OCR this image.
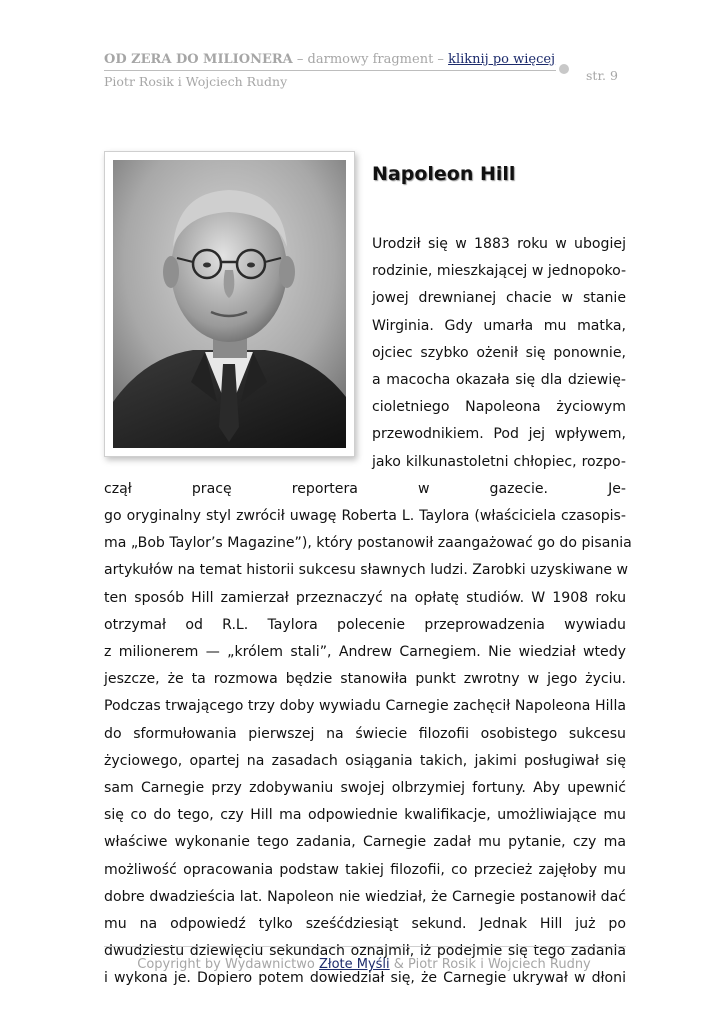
OD ZERA DO MILIONERA – darmowy fragment – kliknij po więcej
Piotr Rosik i Wojciech Rudny	str. 9
Napoleon Hill
Urodził się w 1883 roku w ubogiej
rodzinie, mieszkającej w jednopoko-
jowej drewnianej chacie w stanie
Wirginia. Gdy umarła mu matka,
ojciec szybko ożenił się ponownie,
a macocha okazała się dla dziewię-
cioletniego Napoleona życiowym
przewodnikiem. Pod jej wpływem,
jako kilkunastoletni chłopiec, rozpo-
czął pracę reportera w gazecie. Je-
go oryginalny styl zwrócił uwagę Roberta L. Taylora (właściciela czasopis-
ma „Bob Taylor’s Magazine”), który postanowił zaangażować go do pisania
artykułów na temat historii sukcesu sławnych ludzi. Zarobki uzyskiwane w
ten sposób Hill zamierzał przeznaczyć na opłatę studiów. W 1908 roku
otrzymał od R.L. Taylora polecenie przeprowadzenia wywiadu
z milionerem — „królem stali”, Andrew Carnegiem. Nie wiedział wtedy
jeszcze, że ta rozmowa będzie stanowiła punkt zwrotny w jego życiu.
Podczas trwającego trzy doby wywiadu Carnegie zachęcił Napoleona Hilla
do sformułowania pierwszej na świecie filozofii osobistego sukcesu
życiowego, opartej na zasadach osiągania takich, jakimi posługiwał się
sam Carnegie przy zdobywaniu swojej olbrzymiej fortuny. Aby upewnić
się co do tego, czy Hill ma odpowiednie kwalifikacje, umożliwiające mu
właściwe wykonanie tego zadania, Carnegie zadał mu pytanie, czy ma
możliwość opracowania podstaw takiej filozofii, co przecież zajęłoby mu
dobre dwadzieścia lat. Napoleon nie wiedział, że Carnegie postanowił dać
mu na odpowiedź tylko sześćdziesiąt sekund. Jednak Hill już po
dwudziestu dziewięciu sekundach oznajmił, iż podejmie się tego zadania
i wykona je. Dopiero potem dowiedział się, że Carnegie ukrywał w dłoni
Copyright by Wydawnictwo Złote Myśli & Piotr Rosik i Wojciech Rudny
